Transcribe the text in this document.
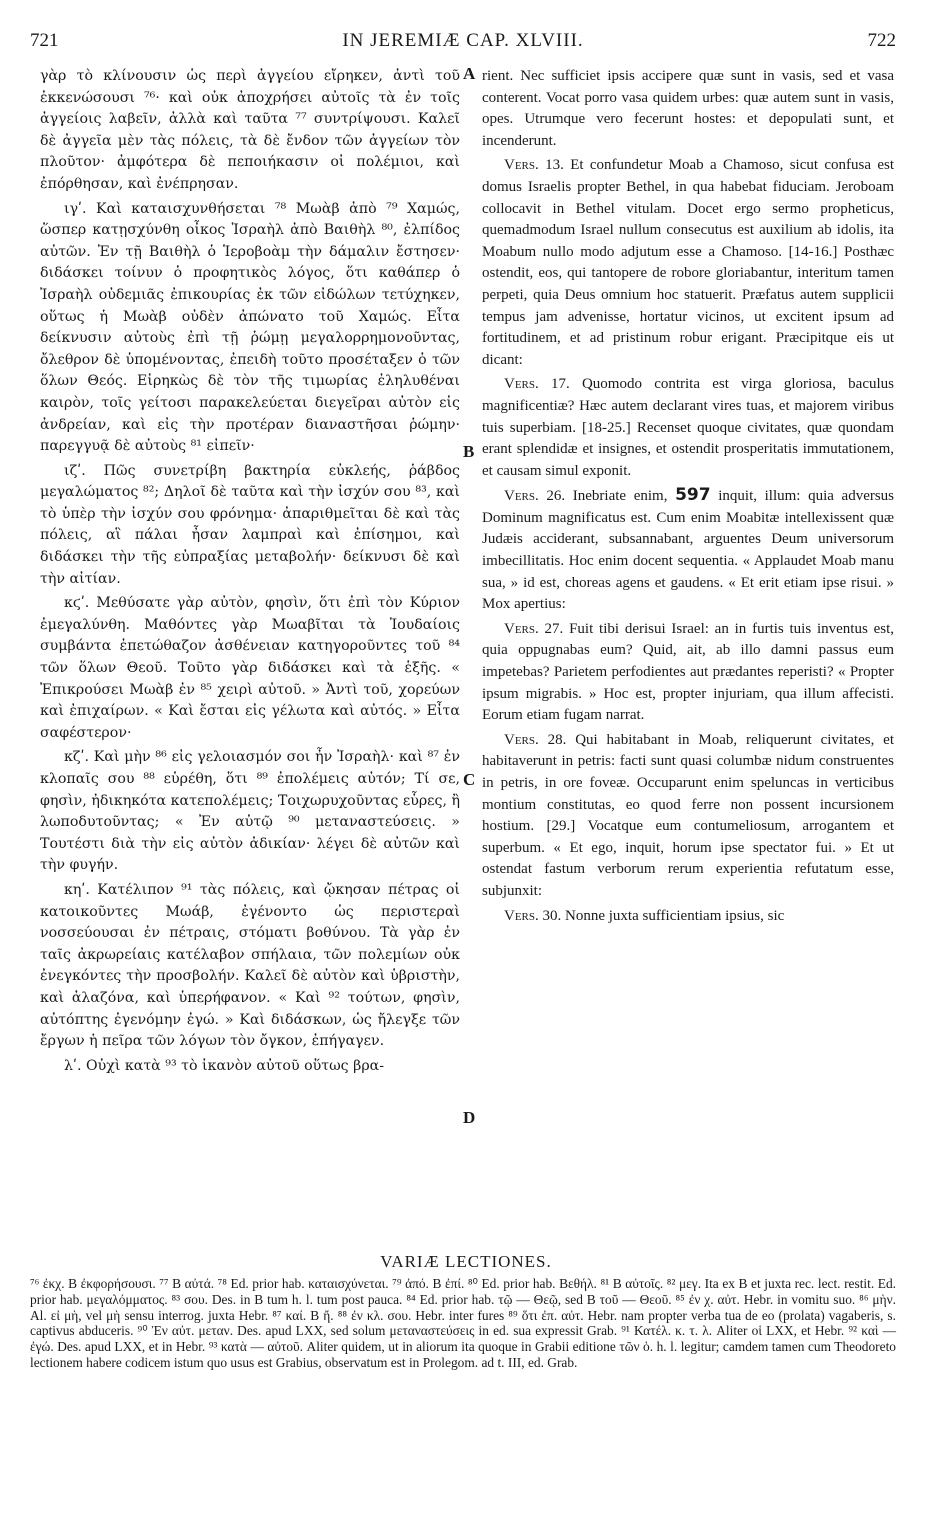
721	IN JEREMIÆ CAP. XLVIII.	722

γὰρ τὸ κλίνουσιν ὡς περὶ ἀγγείου εἴρηκεν, ἀντὶ τοῦ ἐκκενώσουσι ⁷⁶· καὶ οὐκ ἀποχρήσει αὐτοῖς τὰ ἐν τοῖς ἀγγείοις λαβεῖν, ἀλλὰ καὶ ταῦτα ⁷⁷ συντρίψουσι. Καλεῖ δὲ ἀγγεῖα μὲν τὰς πόλεις, τὰ δὲ ἔνδον τῶν ἀγγείων τὸν πλοῦτον· ἀμφότερα δὲ πεποιήκασιν οἱ πολέμιοι, καὶ ἐπόρθησαν, καὶ ἐνέπρησαν.

ιγʹ. Καὶ καταισχυνθήσεται ⁷⁸ Μωὰβ ἀπὸ ⁷⁹ Χαμώς, ὥσπερ κατῃσχύνθη οἶκος Ἰσραὴλ ἀπὸ Βαιθὴλ ⁸⁰, ἐλπίδος αὐτῶν. Ἐν τῇ Βαιθὴλ ὁ Ἱεροβοὰμ τὴν δάμαλιν ἔστησεν· διδάσκει τοίνυν ὁ προφητικὸς λόγος, ὅτι καθάπερ ὁ Ἰσραὴλ οὐδεμιᾶς ἐπικουρίας ἐκ τῶν εἰδώλων τετύχηκεν, οὕτως ἡ Μωὰβ οὐδὲν ἀπώνατο τοῦ Χαμώς. Εἶτα δείκνυσιν αὐτοὺς ἐπὶ τῇ ῥώμῃ μεγαλορρημονοῦντας, ὄλεθρον δὲ ὑπομένοντας, ἐπειδὴ τοῦτο προσέταξεν ὁ τῶν ὅλων Θεός. Εἰρηκὼς δὲ τὸν τῆς τιμωρίας ἐληλυθέναι καιρὸν, τοῖς γείτοσι παρακελεύεται διεγεῖραι αὐτὸν εἰς ἀνδρείαν, καὶ εἰς τὴν προτέραν διαναστῆσαι ῥώμην· παρεγγυᾷ δὲ αὐτοὺς ⁸¹ εἰπεῖν·

ιζʹ. Πῶς συνετρίβη βακτηρία εὐκλεής, ῥάβδος μεγαλώματος ⁸²; Δηλοῖ δὲ ταῦτα καὶ τὴν ἰσχύν σου ⁸³, καὶ τὸ ὑπὲρ τὴν ἰσχύν σου φρόνημα· ἀπαριθμεῖται δὲ καὶ τὰς πόλεις, αἳ πάλαι ἦσαν λαμπραὶ καὶ ἐπίσημοι, καὶ διδάσκει τὴν τῆς εὐπραξίας μεταβολήν· δείκνυσι δὲ καὶ τὴν αἰτίαν.

κϛʹ. Μεθύσατε γὰρ αὐτὸν, φησὶν, ὅτι ἐπὶ τὸν Κύριον ἐμεγαλύνθη. Μαθόντες γὰρ Μωαβῖται τὰ Ἰουδαίοις συμβάντα ἐπετώθαζον ἀσθένειαν κατηγοροῦντες τοῦ ⁸⁴ τῶν ὅλων Θεοῦ. Τοῦτο γὰρ διδάσκει καὶ τὰ ἑξῆς. « Ἐπικρούσει Μωὰβ ἐν ⁸⁵ χειρὶ αὐτοῦ. » Ἀντὶ τοῦ, χορεύων καὶ ἐπιχαίρων. « Καὶ ἔσται εἰς γέλωτα καὶ αὐτός. » Εἶτα σαφέστερον·

κζʹ. Καὶ μὴν ⁸⁶ εἰς γελοιασμόν σοι ἦν Ἰσραὴλ· καὶ ⁸⁷ ἐν κλοπαῖς σου ⁸⁸ εὑρέθη, ὅτι ⁸⁹ ἐπολέμεις αὐτόν; Τί σε, φησὶν, ἠδικηκότα κατεπολέμεις; Τοιχωρυχοῦντας εὗρες, ἢ λωποδυτοῦντας; « Ἐν αὐτῷ ⁹⁰ μεταναστεύσεις. » Τουτέστι διὰ τὴν εἰς αὐτὸν ἀδικίαν· λέγει δὲ αὐτῶν καὶ τὴν φυγήν.

κηʹ. Κατέλιπον ⁹¹ τὰς πόλεις, καὶ ᾤκησαν πέτρας οἱ κατοικοῦντες Μωάβ, ἐγένοντο ὡς περιστεραὶ νοσσεύουσαι ἐν πέτραις, στόματι βοθύνου. Τὰ γὰρ ἐν ταῖς ἀκρωρείαις κατέλαβον σπήλαια, τῶν πολεμίων οὐκ ἐνεγκόντες τὴν προσβολήν. Καλεῖ δὲ αὐτὸν καὶ ὑβριστὴν, καὶ ἀλαζόνα, καὶ ὑπερήφανον. « Καὶ ⁹² τούτων, φησὶν, αὐτόπτης ἐγενόμην ἐγώ. » Καὶ διδάσκων, ὡς ἤλεγξε τῶν ἔργων ἡ πεῖρα τῶν λόγων τὸν ὄγκον, ἐπήγαγεν.

λʹ. Οὐχὶ κατὰ ⁹³ τὸ ἱκανὸν αὐτοῦ οὕτως βρα-

rient. Nec sufficiet ipsis accipere quæ sunt in vasis, sed et vasa conterent. Vocat porro vasa quidem urbes: quæ autem sunt in vasis, opes. Utrumque vero fecerunt hostes: et depopulati sunt, et incenderunt.

Vers. 13. Et confundetur Moab a Chamoso, sicut confusa est domus Israelis propter Bethel, in qua habebat fiduciam. Jeroboam collocavit in Bethel vitulam. Docet ergo sermo propheticus, quemadmodum Israel nullum consecutus est auxilium ab idolis, ita Moabum nullo modo adjutum esse a Chamoso. [14-16.] Posthæc ostendit, eos, qui tantopere de robore gloriabantur, interitum tamen perpeti, quia Deus omnium hoc statuerit. Præfatus autem supplicii tempus jam advenisse, hortatur vicinos, ut excitent ipsum ad fortitudinem, et ad pristinum robur erigant. Præcipitque eis ut dicant:

Vers. 17. Quomodo contrita est virga gloriosa, baculus magnificentiæ? Hæc autem declarant vires tuas, et majorem viribus tuis superbiam. [18-25.] Recenset quoque civitates, quæ quondam erant splendidæ et insignes, et ostendit prosperitatis immutationem, et causam simul exponit.

Vers. 26. Inebriate enim, 597 inquit, illum: quia adversus Dominum magnificatus est. Cum enim Moabitæ intellexissent quæ Judæis acciderant, subsannabant, arguentes Deum universorum imbecillitatis. Hoc enim docent sequentia. « Applaudet Moab manu sua, » id est, choreas agens et gaudens. « Et erit etiam ipse risui. » Mox apertius:

Vers. 27. Fuit tibi derisui Israel: an in furtis tuis inventus est, quia oppugnabas eum? Quid, ait, ab illo damni passus eum impetebas? Parietem perfodientes aut prædantes reperisti? « Propter ipsum migrabis. » Hoc est, propter injuriam, qua illum affecisti. Eorum etiam fugam narrat.

Vers. 28. Qui habitabant in Moab, reliquerunt civitates, et habitaverunt in petris: facti sunt quasi columbæ nidum construentes in petris, in ore foveæ. Occuparunt enim speluncas in verticibus montium constitutas, eo quod ferre non possent incursionem hostium. [29.] Vocatque eum contumeliosum, arrogantem et superbum. « Et ego, inquit, horum ipse spectator fui. » Et ut ostendat fastum verborum rerum experientia refutatum esse, subjunxit:

Vers. 30. Nonne juxta sufficientiam ipsius, sic

A
B
C
D
VARIÆ LECTIONES.
⁷⁶ ἐκχ. B ἐκφορήσουσι. ⁷⁷ B αὐτά. ⁷⁸ Ed. prior hab. καταισχύνεται. ⁷⁹ ἀπό. B ἐπί. ⁸⁰ Ed. prior hab. Βεθήλ. ⁸¹ B αὐτοῖς. ⁸² μεγ. Ita ex B et juxta rec. lect. restit. Ed. prior hab. μεγαλόμματος. ⁸³ σου. Des. in B tum h. l. tum post pauca. ⁸⁴ Ed. prior hab. τῷ — Θεῷ, sed B τοῦ — Θεοῦ. ⁸⁵ ἐν χ. αὐτ. Hebr. in vomitu suo. ⁸⁶ μὴν. Al. εἰ μὴ, vel μὴ sensu interrog. juxta Hebr. ⁸⁷ καί. B ἤ. ⁸⁸ ἐν κλ. σου. Hebr. inter fures ⁸⁹ ὅτι ἐπ. αὐτ. Hebr. nam propter verba tua de eo (prolata) vagaberis, s. captivus abduceris. ⁹⁰ Ἐν αὐτ. μεταν. Des. apud LXX, sed solum μεταναστεύσεις in ed. sua expressit Grab. ⁹¹ Κατέλ. κ. τ. λ. Aliter oἱ LXX, et Hebr. ⁹² καὶ — ἐγώ. Des. apud LXX, et in Hebr. ⁹³ κατὰ — αὐτοῦ. Aliter quidem, ut in aliorum ita quoque in Grabii editione τῶν ὁ. h. l. legitur; camdem tamen cum Theodoreto lectionem habere codicem istum quo usus est Grabius, observatum est in Prolegom. ad t. III, ed. Grab.
